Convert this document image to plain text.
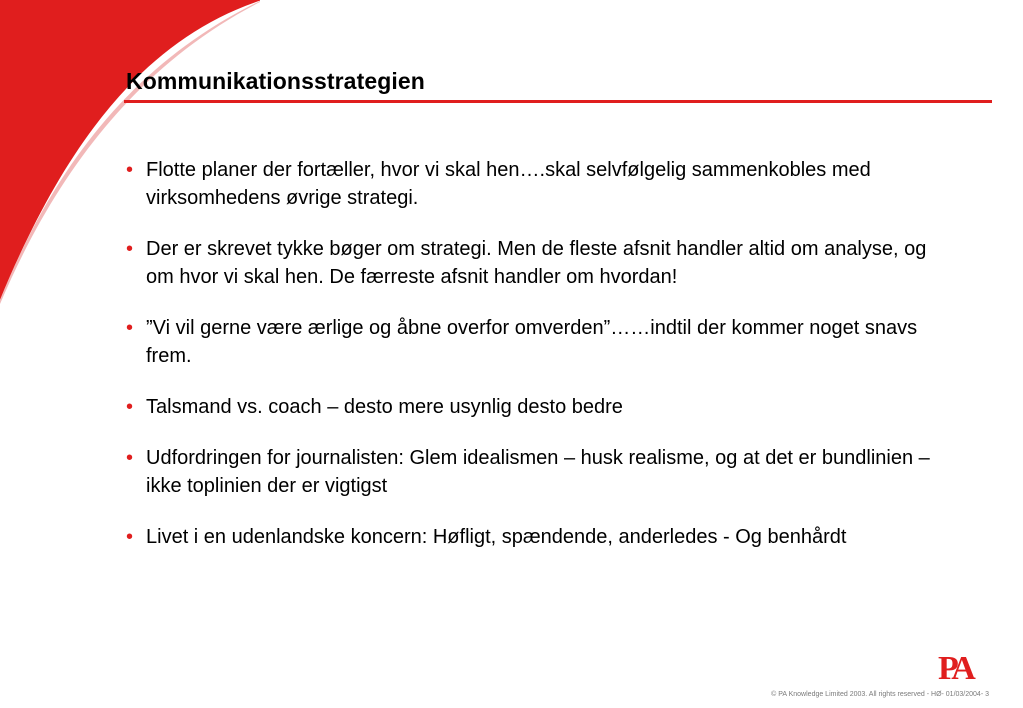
Kommunikationsstrategien
• Flotte planer der fortæller, hvor vi skal hen….skal selvfølgelig sammenkobles med virksomhedens øvrige strategi.
• Der er skrevet tykke bøger om strategi. Men de fleste afsnit handler altid om analyse, og om hvor vi skal hen. De færreste afsnit handler om hvordan!
• ”Vi vil gerne være ærlige og åbne overfor omverden”……indtil der kommer noget snavs frem.
• Talsmand vs. coach – desto mere usynlig desto bedre
• Udfordringen for journalisten: Glem idealismen – husk realisme, og at det er bundlinien – ikke toplinien der er vigtigst
• Livet i en udenlandske koncern: Høfligt, spændende, anderledes - Og benhårdt
PA
© PA Knowledge Limited 2003. All rights reserved - HØ- 01/03/2004- 3
